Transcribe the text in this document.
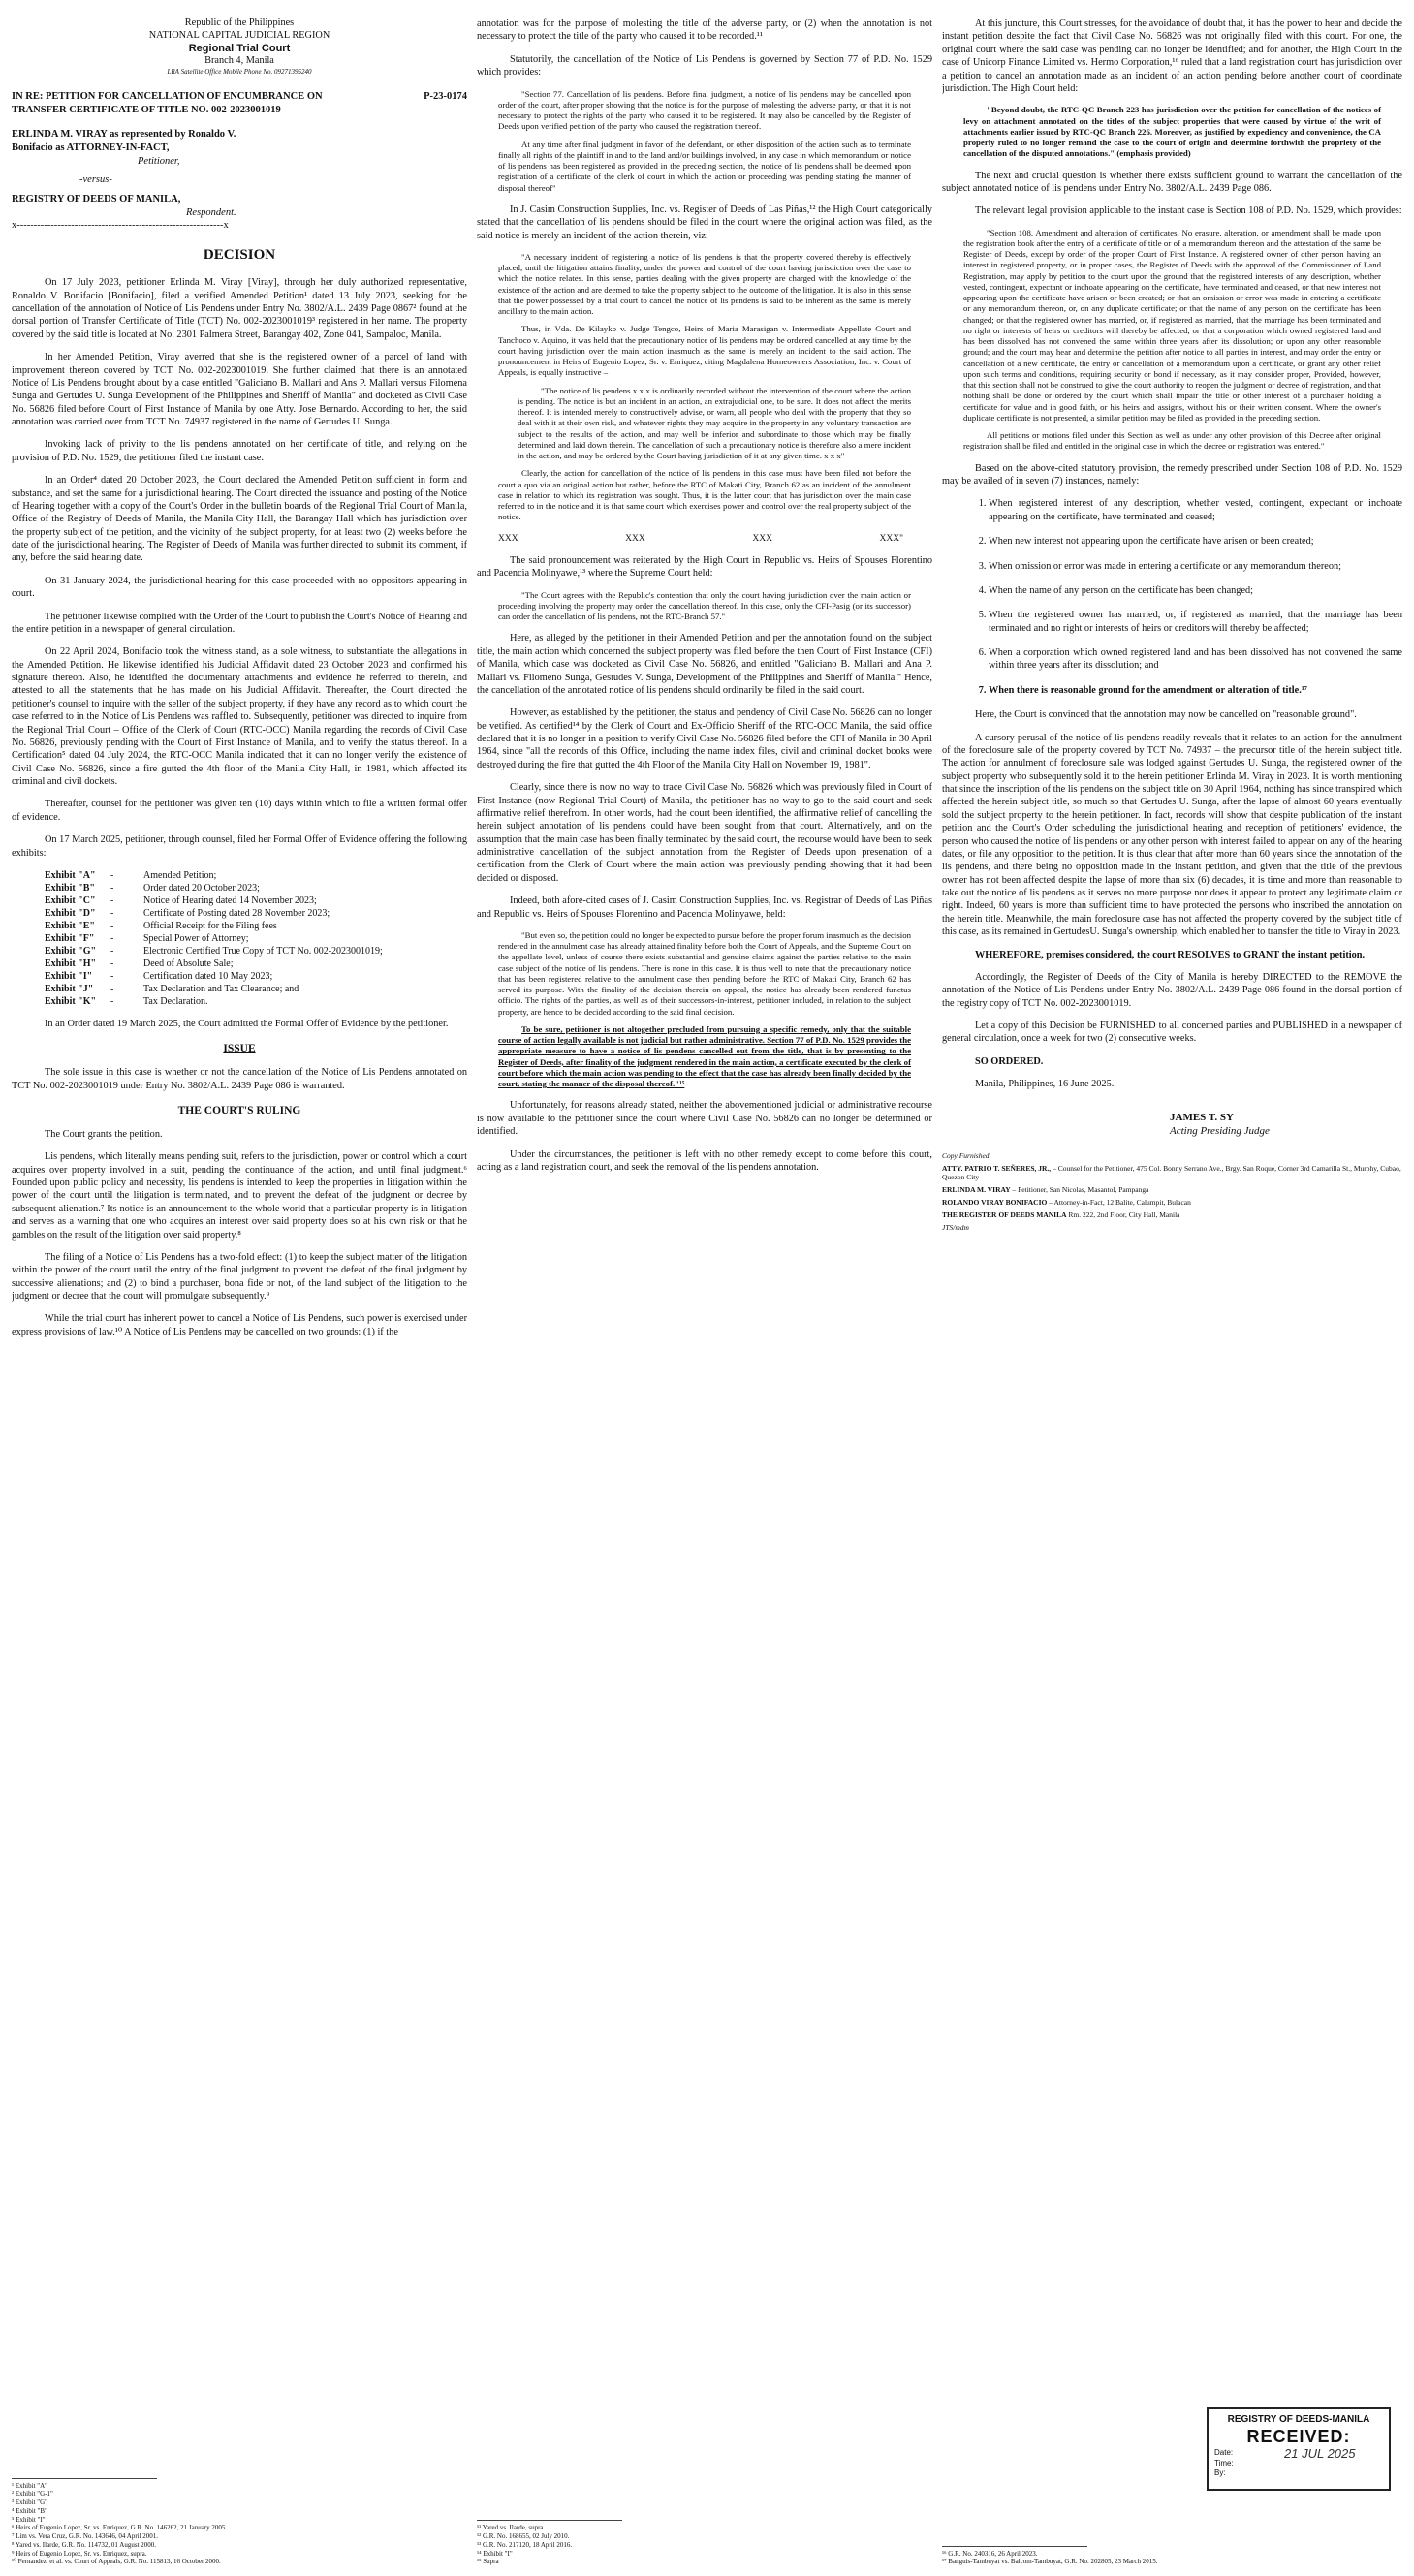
Republic of the Philippines
NATIONAL CAPITAL JUDICIAL REGION
Regional Trial Court
Branch 4, Manila
LRA Satellite Office Mobile Phone No. 09271395240
IN RE: PETITION FOR CANCELLATION OF ENCUMBRANCE ON TRANSFER CERTIFICATE OF TITLE NO. 002-2023001019
P-23-0174
ERLINDA M. VIRAY as represented by Ronaldo V. Bonifacio as ATTORNEY-IN-FACT,
Petitioner,
-versus-
REGISTRY OF DEEDS OF MANILA,
Respondent.
x-------------------------------------------------------------x
DECISION

On 17 July 2023, petitioner Erlinda M. Viray [Viray], through her duly authorized representative, Ronaldo V. Bonifacio [Bonifacio], filed a verified Amended Petition¹ dated 13 July 2023, seeking for the cancellation of the annotation of Notice of Lis Pendens under Entry No. 3802/A.L. 2439 Page 0867² found at the dorsal portion of Transfer Certificate of Title (TCT) No. 002-2023001019³ registered in her name. The property covered by the said title is located at No. 2301 Palmera Street, Barangay 402, Zone 041, Sampaloc, Manila.

In her Amended Petition, Viray averred that she is the registered owner of a parcel of land with improvement thereon covered by TCT. No. 002-2023001019. She further claimed that there is an annotated Notice of Lis Pendens brought about by a case entitled "Galiciano B. Mallari and Ans P. Mallari versus Filomena Sunga and Gertudes U. Sunga Development of the Philippines and Sheriff of Manila" and docketed as Civil Case No. 56826 filed before Court of First Instance of Manila by one Atty. Jose Bernardo. According to her, the said annotation was carried over from TCT No. 74937 registered in the name of Gertudes U. Sunga.

Invoking lack of privity to the lis pendens annotated on her certificate of title, and relying on the provision of P.D. No. 1529, the petitioner filed the instant case.

In an Order⁴ dated 20 October 2023, the Court declared the Amended Petition sufficient in form and substance, and set the same for a jurisdictional hearing. The Court directed the issuance and posting of the Notice of Hearing together with a copy of the Court's Order in the bulletin boards of the Regional Trial Court of Manila, Office of the Registry of Deeds of Manila, the Manila City Hall, the Barangay Hall which has jurisdiction over the property subject of the petition, and the vicinity of the subject property, for at least two (2) weeks before the date of the jurisdictional hearing. The Register of Deeds of Manila was further directed to submit its comment, if any, before the said hearing date.

On 31 January 2024, the jurisdictional hearing for this case proceeded with no oppositors appearing in court.

The petitioner likewise complied with the Order of the Court to publish the Court's Notice of Hearing and the entire petition in a newspaper of general circulation.

On 22 April 2024, Bonifacio took the witness stand, as a sole witness, to substantiate the allegations in the Amended Petition. He likewise identified his Judicial Affidavit dated 23 October 2023 and confirmed his signature thereon. Also, he identified the documentary attachments and evidence he referred to therein, and attested to all the statements that he has made on his Judicial Affidavit. Thereafter, the Court directed the petitioner's counsel to inquire with the seller of the subject property, if they have any record as to which court the case referred to in the Notice of Lis Pendens was raffled to. Subsequently, petitioner was directed to inquire from the Regional Trial Court – Office of the Clerk of Court (RTC-OCC) Manila regarding the records of Civil Case No. 56826, previously pending with the Court of First Instance of Manila, and to verify the status thereof. In a Certification⁵ dated 04 July 2024, the RTC-OCC Manila indicated that it can no longer verify the existence of Civil Case No. 56826, since a fire gutted the 4th floor of the Manila City Hall, in 1981, which affected its criminal and civil dockets.

Thereafter, counsel for the petitioner was given ten (10) days within which to file a written formal offer of evidence.

On 17 March 2025, petitioner, through counsel, filed her Formal Offer of Evidence offering the following exhibits:

Exhibit "A"	-	Amended Petition;
Exhibit "B"	-	Order dated 20 October 2023;
Exhibit "C"	-	Notice of Hearing dated 14 November 2023;
Exhibit "D"	-	Certificate of Posting dated 28 November 2023;
Exhibit "E"	-	Official Receipt for the Filing fees
Exhibit "F"	-	Special Power of Attorney;
Exhibit "G"	-	Electronic Certified True Copy of TCT No. 002-2023001019;
Exhibit "H"	-	Deed of Absolute Sale;
Exhibit "I"	-	Certification dated 10 May 2023;
Exhibit "J"	-	Tax Declaration and Tax Clearance; and
Exhibit "K"	-	Tax Declaration.

In an Order dated 19 March 2025, the Court admitted the Formal Offer of Evidence by the petitioner.

ISSUE

The sole issue in this case is whether or not the cancellation of the Notice of Lis Pendens annotated on TCT No. 002-2023001019 under Entry No. 3802/A.L. 2439 Page 086 is warranted.

THE COURT'S RULING

The Court grants the petition.

Lis pendens, which literally means pending suit, refers to the jurisdiction, power or control which a court acquires over property involved in a suit, pending the continuance of the action, and until final judgment.⁶ Founded upon public policy and necessity, lis pendens is intended to keep the properties in litigation within the power of the court until the litigation is terminated, and to prevent the defeat of the judgment or decree by subsequent alienation.⁷ Its notice is an announcement to the whole world that a particular property is in litigation and serves as a warning that one who acquires an interest over said property does so at his own risk or that he gambles on the result of the litigation over said property.⁸

The filing of a Notice of Lis Pendens has a two-fold effect: (1) to keep the subject matter of the litigation within the power of the court until the entry of the final judgment to prevent the defeat of the final judgment by successive alienations; and (2) to bind a purchaser, bona fide or not, of the land subject of the litigation to the judgment or decree that the court will promulgate subsequently.⁹

While the trial court has inherent power to cancel a Notice of Lis Pendens, such power is exercised under express provisions of law.¹⁰ A Notice of Lis Pendens may be cancelled on two grounds: (1) if the

¹ Exhibit "A"
² Exhibit "G-1"
³ Exhibit "G"
⁴ Exhibit "B"
⁵ Exhibit "I"
⁶ Heirs of Eugenio Lopez, Sr. vs. Enriquez, G.R. No. 146262, 21 January 2005.
⁷ Lim vs. Vera Cruz, G.R. No. 143646, 04 April 2001.
⁸ Yared vs. Ilarde, G.R. No. 114732, 01 August 2000.
⁹ Heirs of Eugenio Lopez, Sr. vs. Enriquez, supra.
¹⁰ Fernandez, et al. vs. Court of Appeals, G.R. No. 115813, 16 October 2000.

annotation was for the purpose of molesting the title of the adverse party, or (2) when the annotation is not necessary to protect the title of the party who caused it to be recorded.¹¹

Statutorily, the cancellation of the Notice of Lis Pendens is governed by Section 77 of P.D. No. 1529 which provides:

"Section 77. Cancellation of lis pendens. Before final judgment, a notice of lis pendens may be cancelled upon order of the court, after proper showing that the notice is for the purpose of molesting the adverse party, or that it is not necessary to protect the rights of the party who caused it to be registered. It may also be cancelled by the Register of Deeds upon verified petition of the party who caused the registration thereof.

At any time after final judgment in favor of the defendant, or other disposition of the action such as to terminate finally all rights of the plaintiff in and to the land and/or buildings involved, in any case in which memorandum or notice of lis pendens has been registered as provided in the preceding section, the notice of lis pendens shall be deemed upon registration of a certificate of the clerk of court in which the action or proceeding was pending stating the manner of disposal thereof"

In J. Casim Construction Supplies, Inc. vs. Register of Deeds of Las Piñas,¹² the High Court categorically stated that the cancellation of lis pendens should be filed in the court where the original action was filed, as the said notice is merely an incident of the action therein, viz:

"A necessary incident of registering a notice of lis pendens is that the property covered thereby is effectively placed, until the litigation attains finality, under the power and control of the court having jurisdiction over the case to which the notice relates. In this sense, parties dealing with the given property are charged with the knowledge of the existence of the action and are deemed to take the property subject to the outcome of the litigation. It is also in this sense that the power possessed by a trial court to cancel the notice of lis pendens is said to be inherent as the same is merely ancillary to the main action.

Thus, in Vda. De Kilayko v. Judge Tengco, Heirs of Maria Marasigan v. Intermediate Appellate Court and Tanchoco v. Aquino, it was held that the precautionary notice of lis pendens may be ordered cancelled at any time by the court having jurisdiction over the main action inasmuch as the same is merely an incident to the said action. The pronouncement in Heirs of Eugenio Lopez, Sr. v. Enriquez, citing Magdalena Homeowners Association, Inc. v. Court of Appeals, is equally instructive –

"The notice of lis pendens x x x is ordinarily recorded without the intervention of the court where the action is pending. The notice is but an incident in an action, an extrajudicial one, to be sure. It does not affect the merits thereof. It is intended merely to constructively advise, or warn, all people who deal with the property that they so deal with it at their own risk, and whatever rights they may acquire in the property in any voluntary transaction are subject to the results of the action, and may well be inferior and subordinate to those which may be finally determined and laid down therein. The cancellation of such a precautionary notice is therefore also a mere incident in the action, and may be ordered by the Court having jurisdiction of it at any given time. x x x"

Clearly, the action for cancellation of the notice of lis pendens in this case must have been filed not before the court a quo via an original action but rather, before the RTC of Makati City, Branch 62 as an incident of the annulment case in relation to which its registration was sought. Thus, it is the latter court that has jurisdiction over the main case referred to in the notice and it is that same court which exercises power and control over the real property subject of the notice.

XXX	XXX	XXX	XXX"

The said pronouncement was reiterated by the High Court in Republic vs. Heirs of Spouses Florentino and Pacencia Molinyawe,¹³ where the Supreme Court held:

"The Court agrees with the Republic's contention that only the court having jurisdiction over the main action or proceeding involving the property may order the cancellation thereof. In this case, only the CFI-Pasig (or its successor) can order the cancellation of lis pendens, not the RTC-Branch 57."

Here, as alleged by the petitioner in their Amended Petition and per the annotation found on the subject title, the main action which concerned the subject property was filed before the then Court of First Instance (CFI) of Manila, which case was docketed as Civil Case No. 56826, and entitled "Galiciano B. Mallari and Ana P. Mallari vs. Filomeno Sunga, Gestudes V. Sunga, Development of the Philippines and Sheriff of Manila." Hence, the cancellation of the annotated notice of lis pendens should ordinarily be filed in the said court.

However, as established by the petitioner, the status and pendency of Civil Case No. 56826 can no longer be vetified. As certified¹⁴ by the Clerk of Court and Ex-Officio Sheriff of the RTC-OCC Manila, the said office declared that it is no longer in a position to verify Civil Case No. 56826 filed before the CFI of Manila in 30 April 1964, since "all the records of this Office, including the name index files, civil and criminal docket books were destroyed during the fire that gutted the 4th Floor of the Manila City Hall on November 19, 1981".

Clearly, since there is now no way to trace Civil Case No. 56826 which was previously filed in Court of First Instance (now Regional Trial Court) of Manila, the petitioner has no way to go to the said court and seek affirmative relief therefrom. In other words, had the court been identified, the affirmative relief of cancelling the herein subject annotation of lis pendens could have been sought from that court. Alternatively, and on the assumption that the main case has been finally terminated by the said court, the recourse would have been to seek administrative cancellation of the subject annotation from the Register of Deeds upon presenation of a certification from the Clerk of Court where the main action was previously pending showing that it had been decided or disposed.

Indeed, both afore-cited cases of J. Casim Construction Supplies, Inc. vs. Registrar of Deeds of Las Piñas and Republic vs. Heirs of Spouses Florentino and Pacencia Molinyawe, held:

"But even so, the petition could no longer be expected to pursue before the proper forum inasmuch as the decision rendered in the annulment case has already attained finality before both the Court of Appeals, and the Supreme Court on the appellate level, unless of course there exists substantial and genuine claims against the parties relative to the main case subject of the notice of lis pendens. There is none in this case. It is thus well to note that the precautionary notice that has been registered relative to the annulment case then pending before the RTC of Makati City, Branch 62 has served its purpose. With the finality of the decision therein on appeal, the notice has already been rendered functus officio. The rights of the parties, as well as of their successors-in-interest, petitioner included, in relation to the subject property, are hence to be decided according to the said final decision.

To be sure, petitioner is not altogether precluded from pursuing a specific remedy, only that the suitable course of action legally available is not judicial but rather administrative. Section 77 of P.D. No. 1529 provides the appropriate measure to have a notice of lis pendens cancelled out from the title, that is by presenting to the Register of Deeds, after finality of the judgment rendered in the main action, a certificate executed by the clerk of court before which the main action was pending to the effect that the case has already been finally decided by the court, stating the manner of the disposal thereof."¹⁵

Unfortunately, for reasons already stated, neither the abovementioned judicial or administrative recourse is now available to the petitioner since the court where Civil Case No. 56826 can no longer be determined or identified.

Under the circumstances, the petitioner is left with no other remedy except to come before this court, acting as a land registration court, and seek the removal of the lis pendens annotation.

¹¹ Yared vs. Ilarde, supra.
¹² G.R. No. 168655, 02 July 2010.
¹³ G.R. No. 217120, 18 April 2016.
¹⁴ Exhibit "I"
¹⁵ Supra

At this juncture, this Court stresses, for the avoidance of doubt that, it has the power to hear and decide the instant petition despite the fact that Civil Case No. 56826 was not originally filed with this court. For one, the original court where the said case was pending can no longer be identified; and for another, the High Court in the case of Unicorp Finance Limited vs. Hermo Corporation,¹⁶ ruled that a land registration court has jurisdiction over a petition to cancel an annotation made as an incident of an action pending before another court of coordinate jurisdiction. The High Court held:

"Beyond doubt, the RTC-QC Branch 223 has jurisdiction over the petition for cancellation of the notices of levy on attachment annotated on the titles of the subject properties that were caused by virtue of the writ of attachments earlier issued by RTC-QC Branch 226. Moreover, as justified by expediency and convenience, the CA properly ruled to no longer remand the case to the court of origin and determine forthwith the propriety of the cancellation of the disputed annotations." (emphasis provided)

The next and crucial question is whether there exists sufficient ground to warrant the cancellation of the subject annotated notice of lis pendens under Entry No. 3802/A.L. 2439 Page 086.

The relevant legal provision applicable to the instant case is Section 108 of P.D. No. 1529, which provides:

"Section 108. Amendment and alteration of certificates. No erasure, alteration, or amendment shall be made upon the registration book after the entry of a certificate of title or of a memorandum thereon and the attestation of the same be Register of Deeds, except by order of the proper Court of First Instance. A registered owner of other person having an interest in registered property, or in proper cases, the Register of Deeds with the approval of the Commissioner of Land Registration, may apply by petition to the court upon the ground that the registered interests of any description, whether vested, contingent, expectant or inchoate appearing on the certificate, have terminated and ceased, or that new interest not appearing upon the certificate have arisen or been created; or that an omission or error was made in entering a certificate or any memorandum thereon, or, on any duplicate certificate; or that the name of any person on the certificate has been changed; or that the registered owner has married, or, if registered as married, that the marriage has been terminated and no right or interests of heirs or creditors will thereby be affected, or that a corporation which owned registered land and has been dissolved has not convened the same within three years after its dissolution; or upon any other reasonable ground; and the court may hear and determine the petition after notice to all parties in interest, and may order the entry or cancellation of a new certificate, the entry or cancellation of a memorandum upon a certificate, or grant any other relief upon such terms and conditions, requiring security or bond if necessary, as it may consider proper, Provided, however, that this section shall not be construed to give the court authority to reopen the judgment or decree of registration, and that nothing shall be done or ordered by the court which shall impair the title or other interest of a purchaser holding a certificate for value and in good faith, or his heirs and assigns, without his or their written consent. Where the owner's duplicate certificate is not presented, a similar petition may be filed as provided in the preceding section.

All petitions or motions filed under this Section as well as under any other provision of this Decree after original registration shall be filed and entitled in the original case in which the decree or registration was entered."

Based on the above-cited statutory provision, the remedy prescribed under Section 108 of P.D. No. 1529 may be availed of in seven (7) instances, namely:

1. When registered interest of any description, whether vested, contingent, expectant or inchoate appearing on the certificate, have terminated and ceased;
2. When new interest not appearing upon the certificate have arisen or been created;
3. When omission or error was made in entering a certificate or any memorandum thereon;
4. When the name of any person on the certificate has been changed;
5. When the registered owner has married, or, if registered as married, that the marriage has been terminated and no right or interests of heirs or creditors will thereby be affected;
6. When a corporation which owned registered land and has been dissolved has not convened the same within three years after its dissolution; and
7. When there is reasonable ground for the amendment or alteration of title.¹⁷

Here, the Court is convinced that the annotation may now be cancelled on "reasonable ground".

A cursory perusal of the notice of lis pendens readily reveals that it relates to an action for the annulment of the foreclosure sale of the property covered by TCT No. 74937 – the precursor title of the herein subject title. The action for annulment of foreclosure sale was lodged against Gertudes U. Sunga, the registered owner of the subject property who subsequently sold it to the herein petitioner Erlinda M. Viray in 2023. It is worth mentioning that since the inscription of the lis pendens on the subject title on 30 April 1964, nothing has since transpired which affected the herein subject title, so much so that Gertudes U. Sunga, after the lapse of almost 60 years eventually sold the subject property to the herein petitioner. In fact, records will show that despite publication of the instant petition and the Court's Order scheduling the jurisdictional hearing and reception of petitioners' evidence, the person who caused the notice of lis pendens or any other person with interest failed to appear on any of the hearing dates, or file any opposition to the petition. It is thus clear that after more than 60 years since the annotation of the lis pendens, and there being no opposition made in the instant petition, and given that the title of the previous owner has not been affected despite the lapse of more than six (6) decades, it is time and more than reasonable to take out the notice of lis pendens as it serves no more purpose nor does it appear to protect any legitimate claim or right. Indeed, 60 years is more than sufficient time to have protected the persons who inscribed the annotation on the herein title. Meanwhile, the main foreclosure case has not affected the property covered by the subject title of this case, as its remained in GertudesU. Sunga's ownership, which enabled her to transfer the title to Viray in 2023.

WHEREFORE, premises considered, the court RESOLVES to GRANT the instant petition.

Accordingly, the Register of Deeds of the City of Manila is hereby DIRECTED to the REMOVE the annotation of the Notice of Lis Pendens under Entry No. 3802/A.L. 2439 Page 086 found in the dorsal portion of the registry copy of TCT No. 002-2023001019.

Let a copy of this Decision be FURNISHED to all concerned parties and PUBLISHED in a newspaper of general circulation, once a week for two (2) consecutive weeks.

SO ORDERED.

Manila, Philippines, 16 June 2025.

JAMES T. SY
Acting Presiding Judge
Copy Furnished
ATTY. PATRIO T. SEÑERES, JR., – Counsel for the Petitioner, 475 Col. Bonny Serrano Ave., Brgy. San Roque, Corner 3rd Camarilla St., Murphy, Cubao, Quezon City
ERLINDA M. VIRAY – Petitioner, San Nicolas, Masantol, Pampanga
ROLANDO VIRAY BONIFACIO – Attorney-in-Fact, 12 Balite, Calumpit, Bulacan
THE REGISTER OF DEEDS MANILA Rm. 222, 2nd Floor, City Hall, Manila
JTS/mdm
REGISTRY OF DEEDS-MANILA
RECEIVED:
Date:
Time:
By:
21 JUL 2025
¹⁶ G.R. No. 240316, 26 April 2023.
¹⁷ Banguis-Tambuyat vs. Balcom-Tambuyat, G.R. No. 202805, 23 March 2015.
